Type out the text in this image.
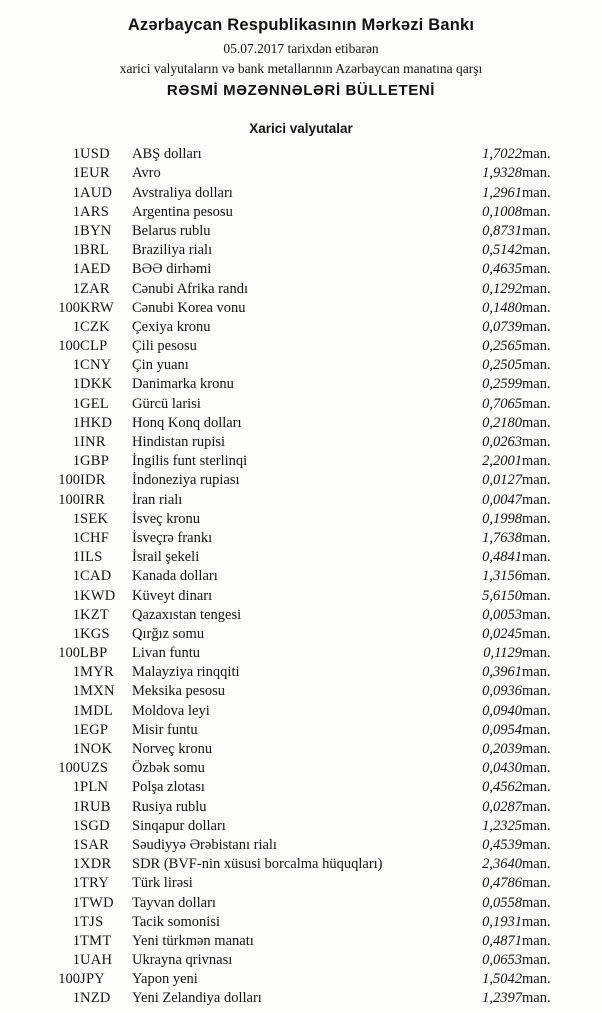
Azərbaycan Respublikasının Mərkəzi Bankı
05.07.2017 tarixdən etibarən
xarici valyutaların və bank metallarının Azərbaycan manatına qarşı
RƏSMİ MƏZƏNNƏLƏRİ BÜLLETENİ
Xarici valyutalar
1	USD	ABŞ dolları	1,7022	man.
1	EUR	Avro	1,9328	man.
1	AUD	Avstraliya dolları	1,2961	man.
1	ARS	Argentina pesosu	0,1008	man.
1	BYN	Belarus rublu	0,8731	man.
1	BRL	Braziliya rialı	0,5142	man.
1	AED	BƏƏ dirhəmi	0,4635	man.
1	ZAR	Cənubi Afrika randı	0,1292	man.
100	KRW	Cənubi Korea vonu	0,1480	man.
1	CZK	Çexiya kronu	0,0739	man.
100	CLP	Çili pesosu	0,2565	man.
1	CNY	Çin yuanı	0,2505	man.
1	DKK	Danimarka kronu	0,2599	man.
1	GEL	Gürcü larisi	0,7065	man.
1	HKD	Honq Konq dolları	0,2180	man.
1	INR	Hindistan rupisi	0,0263	man.
1	GBP	İngilis funt sterlinqi	2,2001	man.
100	IDR	İndoneziya rupiası	0,0127	man.
100	IRR	İran rialı	0,0047	man.
1	SEK	İsveç kronu	0,1998	man.
1	CHF	İsveçrə frankı	1,7638	man.
1	ILS	İsrail şekeli	0,4841	man.
1	CAD	Kanada dolları	1,3156	man.
1	KWD	Küveyt dinarı	5,6150	man.
1	KZT	Qazaxıstan tengesi	0,0053	man.
1	KGS	Qırğız somu	0,0245	man.
100	LBP	Livan funtu	0,1129	man.
1	MYR	Malayziya rinqqiti	0,3961	man.
1	MXN	Meksika pesosu	0,0936	man.
1	MDL	Moldova leyi	0,0940	man.
1	EGP	Misir funtu	0,0954	man.
1	NOK	Norveç kronu	0,2039	man.
100	UZS	Özbək somu	0,0430	man.
1	PLN	Polşa zlotası	0,4562	man.
1	RUB	Rusiya rublu	0,0287	man.
1	SGD	Sinqapur dolları	1,2325	man.
1	SAR	Səudiyyə Ərəbistanı rialı	0,4539	man.
1	XDR	SDR (BVF-nin xüsusi borcalma hüquqları)	2,3640	man.
1	TRY	Türk lirəsi	0,4786	man.
1	TWD	Tayvan dolları	0,0558	man.
1	TJS	Tacik somonisi	0,1931	man.
1	TMT	Yeni türkmən manatı	0,4871	man.
1	UAH	Ukrayna qrivnası	0,0653	man.
100	JPY	Yapon yeni	1,5042	man.
1	NZD	Yeni Zelandiya dolları	1,2397	man.
